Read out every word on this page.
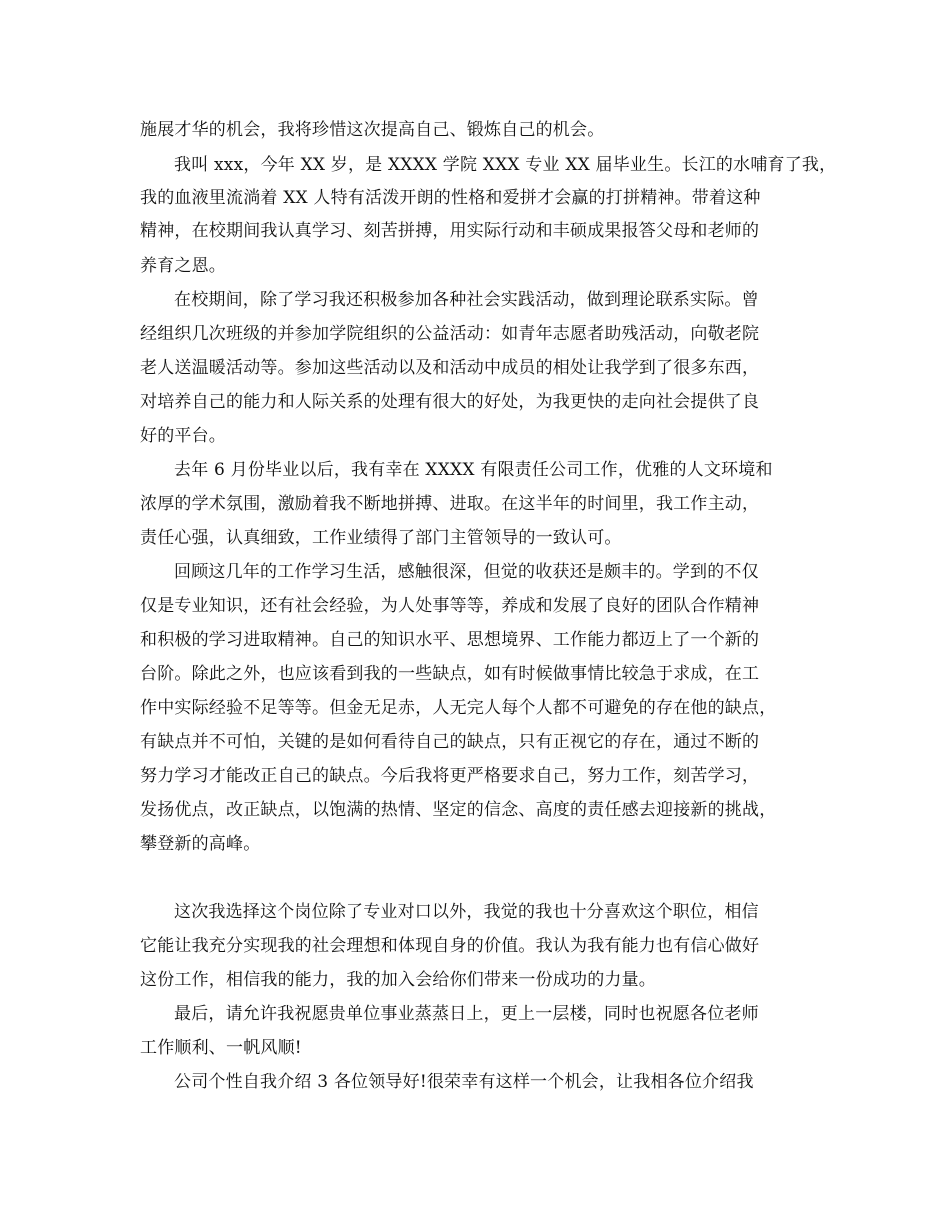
施展才华的机会，我将珍惜这次提高自己、锻炼自己的机会。
我叫 xxx，今年 XX 岁，是 XXXX 学院 XXX 专业 XX 届毕业生。长江的水哺育了我，
我的血液里流淌着 XX 人特有活泼开朗的性格和爱拼才会赢的打拼精神。带着这种
精神，在校期间我认真学习、刻苦拼搏，用实际行动和丰硕成果报答父母和老师的
养育之恩。
在校期间，除了学习我还积极参加各种社会实践活动，做到理论联系实际。曾
经组织几次班级的并参加学院组织的公益活动：如青年志愿者助残活动，向敬老院
老人送温暖活动等。参加这些活动以及和活动中成员的相处让我学到了很多东西，
对培养自己的能力和人际关系的处理有很大的好处，为我更快的走向社会提供了良
好的平台。
去年 6 月份毕业以后，我有幸在 XXXX 有限责任公司工作，优雅的人文环境和
浓厚的学术氛围，激励着我不断地拼搏、进取。在这半年的时间里，我工作主动，
责任心强，认真细致，工作业绩得了部门主管领导的一致认可。
回顾这几年的工作学习生活，感触很深，但觉的收获还是颇丰的。学到的不仅
仅是专业知识，还有社会经验，为人处事等等，养成和发展了良好的团队合作精神
和积极的学习进取精神。自己的知识水平、思想境界、工作能力都迈上了一个新的
台阶。除此之外，也应该看到我的一些缺点，如有时候做事情比较急于求成，在工
作中实际经验不足等等。但金无足赤，人无完人每个人都不可避免的存在他的缺点，
有缺点并不可怕，关键的是如何看待自己的缺点，只有正视它的存在，通过不断的
努力学习才能改正自己的缺点。今后我将更严格要求自己，努力工作，刻苦学习，
发扬优点，改正缺点，以饱满的热情、坚定的信念、高度的责任感去迎接新的挑战，
攀登新的高峰。
这次我选择这个岗位除了专业对口以外，我觉的我也十分喜欢这个职位，相信
它能让我充分实现我的社会理想和体现自身的价值。我认为我有能力也有信心做好
这份工作，相信我的能力，我的加入会给你们带来一份成功的力量。
最后，请允许我祝愿贵单位事业蒸蒸日上，更上一层楼，同时也祝愿各位老师
工作顺利、一帆风顺!
公司个性自我介绍 3 各位领导好!很荣幸有这样一个机会，让我相各位介绍我
